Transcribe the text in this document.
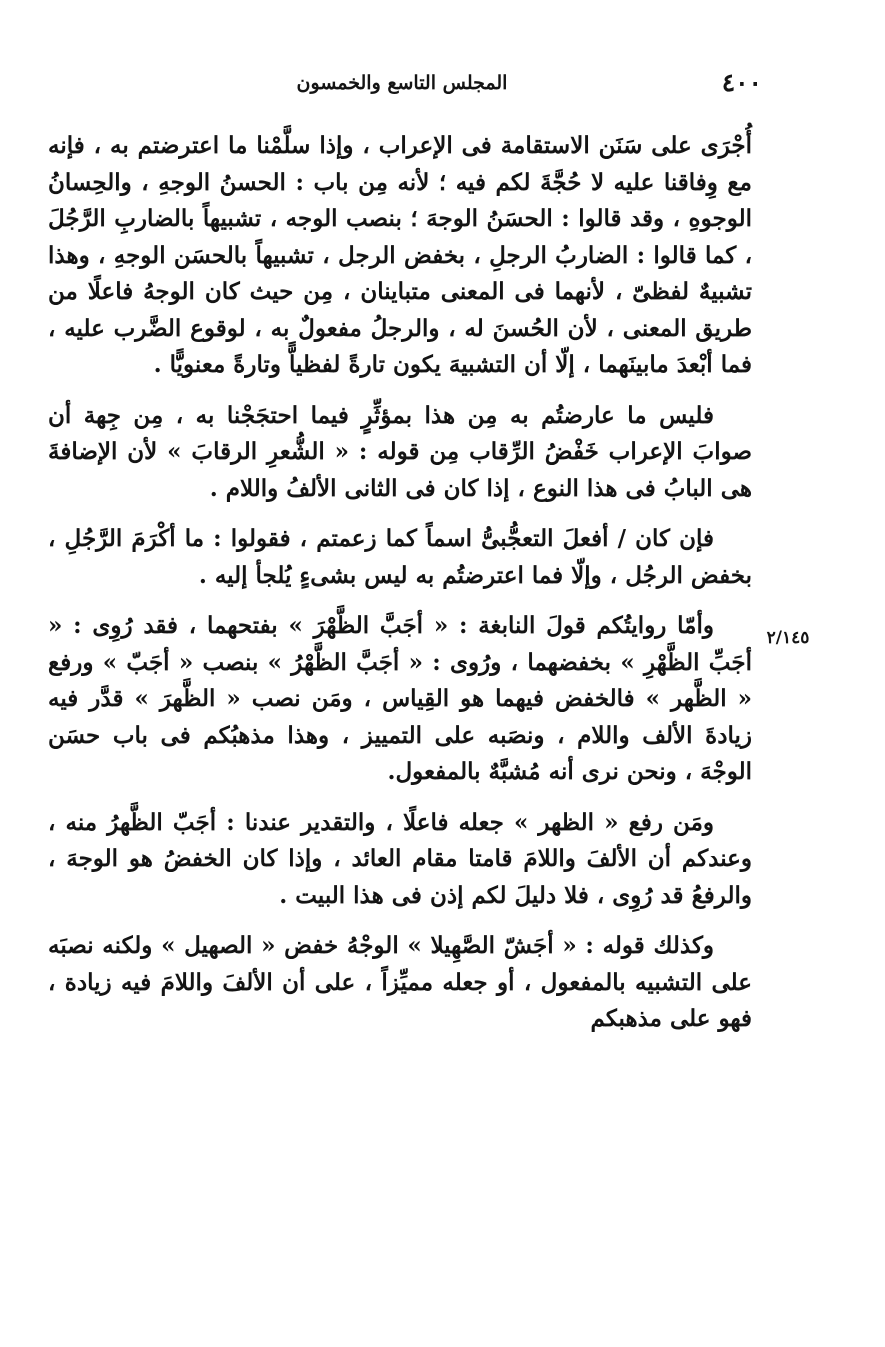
٤٠٠
المجلس التاسع والخمسون
٢/١٤٥

أُجْرَى على سَنَن الاستقامة فى الإعراب ، وإذا سلَّمْنا ما اعترضتم به ، فإنه مع وِفاقنا عليه لا حُجَّةَ لكم فيه ؛ لأنه مِن باب : الحسنُ الوجهِ ، والحِسانُ الوجوهِ ، وقد قالوا : الحسَنُ الوجهَ ؛ بنصب الوجه ، تشبيهاً بالضاربِ الرَّجُلَ ، كما قالوا : الضاربُ الرجلِ ، بخفض الرجل ، تشبيهاً بالحسَن الوجهِ ، وهذا تشبيهٌ لفظىّ ، لأنهما فى المعنى متباينان ، مِن حيث كان الوجهُ فاعلًا من طريق المعنى ، لأن الحُسنَ له ، والرجلُ مفعولٌ به ، لوقوع الضَّرب عليه ، فما أبْعدَ مابينَهما ، إلّا أن التشبيهَ يكون تارةً لفظياًّ وتارةً معنويًّا .

فليس ما عارضتُم به مِن هذا بمؤثِّرٍ فيما احتجَجْنا به ، مِن جِهة أن صوابَ الإعراب خَفْضُ الرِّقاب مِن قوله : « الشُّعرِ الرقابَ » لأن الإضافةَ هى البابُ فى هذا النوع ، إذا كان فى الثانى الألفُ واللام .

فإن كان / أفعلَ التعجُّبىُّ اسماً كما زعمتم ، فقولوا : ما أكْرَمَ الرَّجُلِ ، بخفض الرجُل ، وإلّا فما اعترضتُم به ليس بشىءٍ يُلجأ إليه .

وأمّا روايتُكم قولَ النابغة : « أجَبَّ الظَّهْرَ » بفتحهما ، فقد رُوِى : « أجَبِّ الظَّهْرِ » بخفضهما ، ورُوى : « أجَبَّ الظَّهْرُ » بنصب « أجَبّ » ورفع « الظَّهر » فالخفض فيهما هو القِياس ، ومَن نصب « الظَّهرَ » قدَّر فيه زيادةَ الألف واللام ، ونصَبه على التمييز ، وهذا مذهبُكم فى باب حسَن الوجْهَ ، ونحن نرى أنه مُشبَّهٌ بالمفعول.

ومَن رفع « الظهر » جعله فاعلًا ، والتقدير عندنا : أجَبّ الظَّهرُ منه ، وعندكم أن الألفَ واللامَ قامتا مقام العائد ، وإذا كان الخفضُ هو الوجهَ ، والرفعُ قد رُوِى ، فلا دليلَ لكم إذن فى هذا البيت .

وكذلك قوله : « أجَشّ الصَّهِيلا » الوجْهُ خفض « الصهيل » ولكنه نصبَه على التشبيه بالمفعول ، أو جعله مميِّزاً ، على أن الألفَ واللامَ فيه زيادة ، فهو على مذهبكم
